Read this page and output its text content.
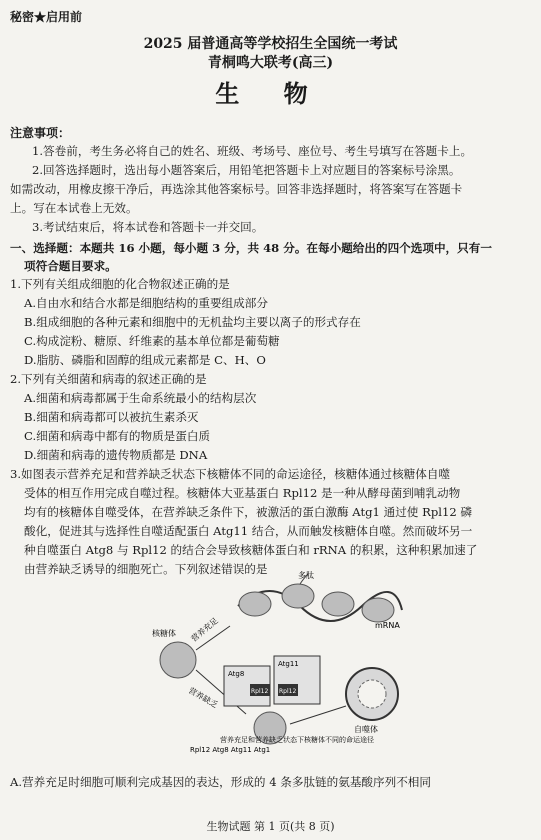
秘密★启用前
2025 届普通高等学校招生全国统一考试
青桐鸣大联考(高三)
生 物
注意事项：
1.答卷前，考生务必将自己的姓名、班级、考场号、座位号、考生号填写在答题卡上。
2.回答选择题时，选出每小题答案后，用铅笔把答题卡上对应题目的答案标号涂黑。
如需改动，用橡皮擦干净后，再选涂其他答案标号。回答非选择题时，将答案写在答题卡
上。写在本试卷上无效。
3.考试结束后，将本试卷和答题卡一并交回。
一、选择题：本题共 16 小题，每小题 3 分，共 48 分。在每小题给出的四个选项中，只有一
项符合题目要求。
1.下列有关组成细胞的化合物叙述正确的是
A.自由水和结合水都是细胞结构的重要组成部分
B.组成细胞的各种元素和细胞中的无机盐均主要以离子的形式存在
C.构成淀粉、糖原、纤维素的基本单位都是葡萄糖
D.脂肪、磷脂和固醇的组成元素都是 C、H、O
2.下列有关细菌和病毒的叙述正确的是
A.细菌和病毒都属于生命系统最小的结构层次
B.细菌和病毒都可以被抗生素杀灭
C.细菌和病毒中都有的物质是蛋白质
D.细菌和病毒的遗传物质都是 DNA
3.如图表示营养充足和营养缺乏状态下核糖体不同的命运途径，核糖体通过核糖体自噬
受体的相互作用完成自噬过程。核糖体大亚基蛋白 Rpl12 是一种从酵母菌到哺乳动物
均有的核糖体自噬受体，在营养缺乏条件下，被激活的蛋白激酶 Atg1 通过使 Rpl12 磷
酸化，促进其与选择性自噬适配蛋白 Atg11 结合，从而触发核糖体自噬。然而破坏另一
种自噬蛋白 Atg8 与 Rpl12 的结合会导致核糖体蛋白和 rRNA 的积累，这种积累加速了
由营养缺乏诱导的细胞死亡。下列叙述错误的是	多肽
mRNA
核糖体 营养充足
营养缺乏
Atg8
Atg11
Rpl12 Rpl12
自噬体
Rpl12 Atg8 Atg11 Atg1
营养充足和营养缺乏状态下核糖体不同的命运途径
A.营养充足时细胞可顺利完成基因的表达，形成的 4 条多肽链的氨基酸序列不相同
生物试题 第 1 页(共 8 页)
